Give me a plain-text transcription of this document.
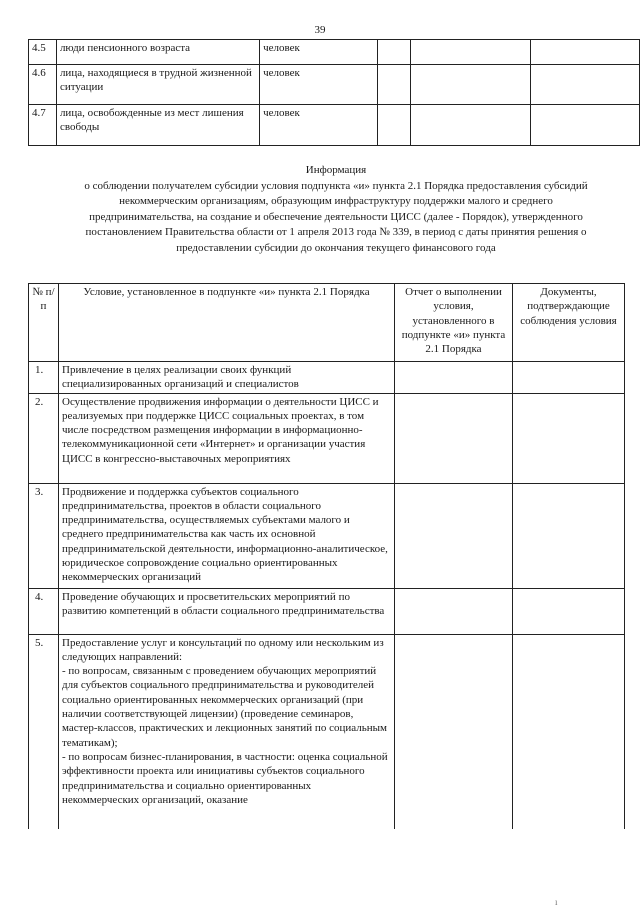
39
4.5	люди пенсионного возраста	человек			
4.6	лица, находящиеся в трудной жизненной ситуации	человек			
4.7	лица, освобожденные из мест лишения свободы	человек			
Информация
о соблюдении получателем субсидии условия подпункта «и» пункта 2.1 Порядка предоставления субсидий некоммерческим организациям, образующим инфраструктуру поддержки малого и среднего предпринимательства, на создание и обеспечение деятельности ЦИСС (далее - Порядок), утвержденного постановлением Правительства области от 1 апреля 2013 года № 339, в период с даты принятия решения о предоставлении субсидии до окончания текущего финансового года
№ п/п	Условие, установленное в подпункте «и» пункта 2.1 Порядка	Отчет о выполнении условия, установленного в подпункте «и» пункта 2.1 Порядка	Документы, подтверждающие соблюдения условия
1.	Привлечение в целях реализации своих функций специализированных организаций и специалистов		
2.	Осуществление продвижения информации о деятельности ЦИСС и реализуемых при поддержке ЦИСС социальных проектах, в том числе посредством размещения информации в информационно-телекоммуникационной сети «Интернет» и организации участия ЦИСС в конгрессно-выставочных мероприятиях		
3.	Продвижение и поддержка субъектов социального предпринимательства, проектов в области социального предпринимательства, осуществляемых субъектами малого и среднего предпринимательства как часть их основной предпринимательской деятельности, информационно-аналитическое, юридическое сопровождение социально ориентированных некоммерческих организаций		
4.	Проведение обучающих и просветительских мероприятий по развитию компетенций в области социального предпринимательства		
5.	Предоставление услуг и консультаций по одному или нескольким из следующих направлений:
- по вопросам, связанным с проведением обучающих мероприятий для субъектов социального предпринимательства и руководителей социально ориентированных некоммерческих организаций (при наличии соответствующей лицензии) (проведение семинаров, мастер-классов, практических и лекционных занятий по социальным тематикам);
- по вопросам бизнес-планирования, в частности: оценка социальной эффективности проекта или инициативы субъектов социального предпринимательства и социально ориентированных некоммерческих организаций, оказание		
ı
